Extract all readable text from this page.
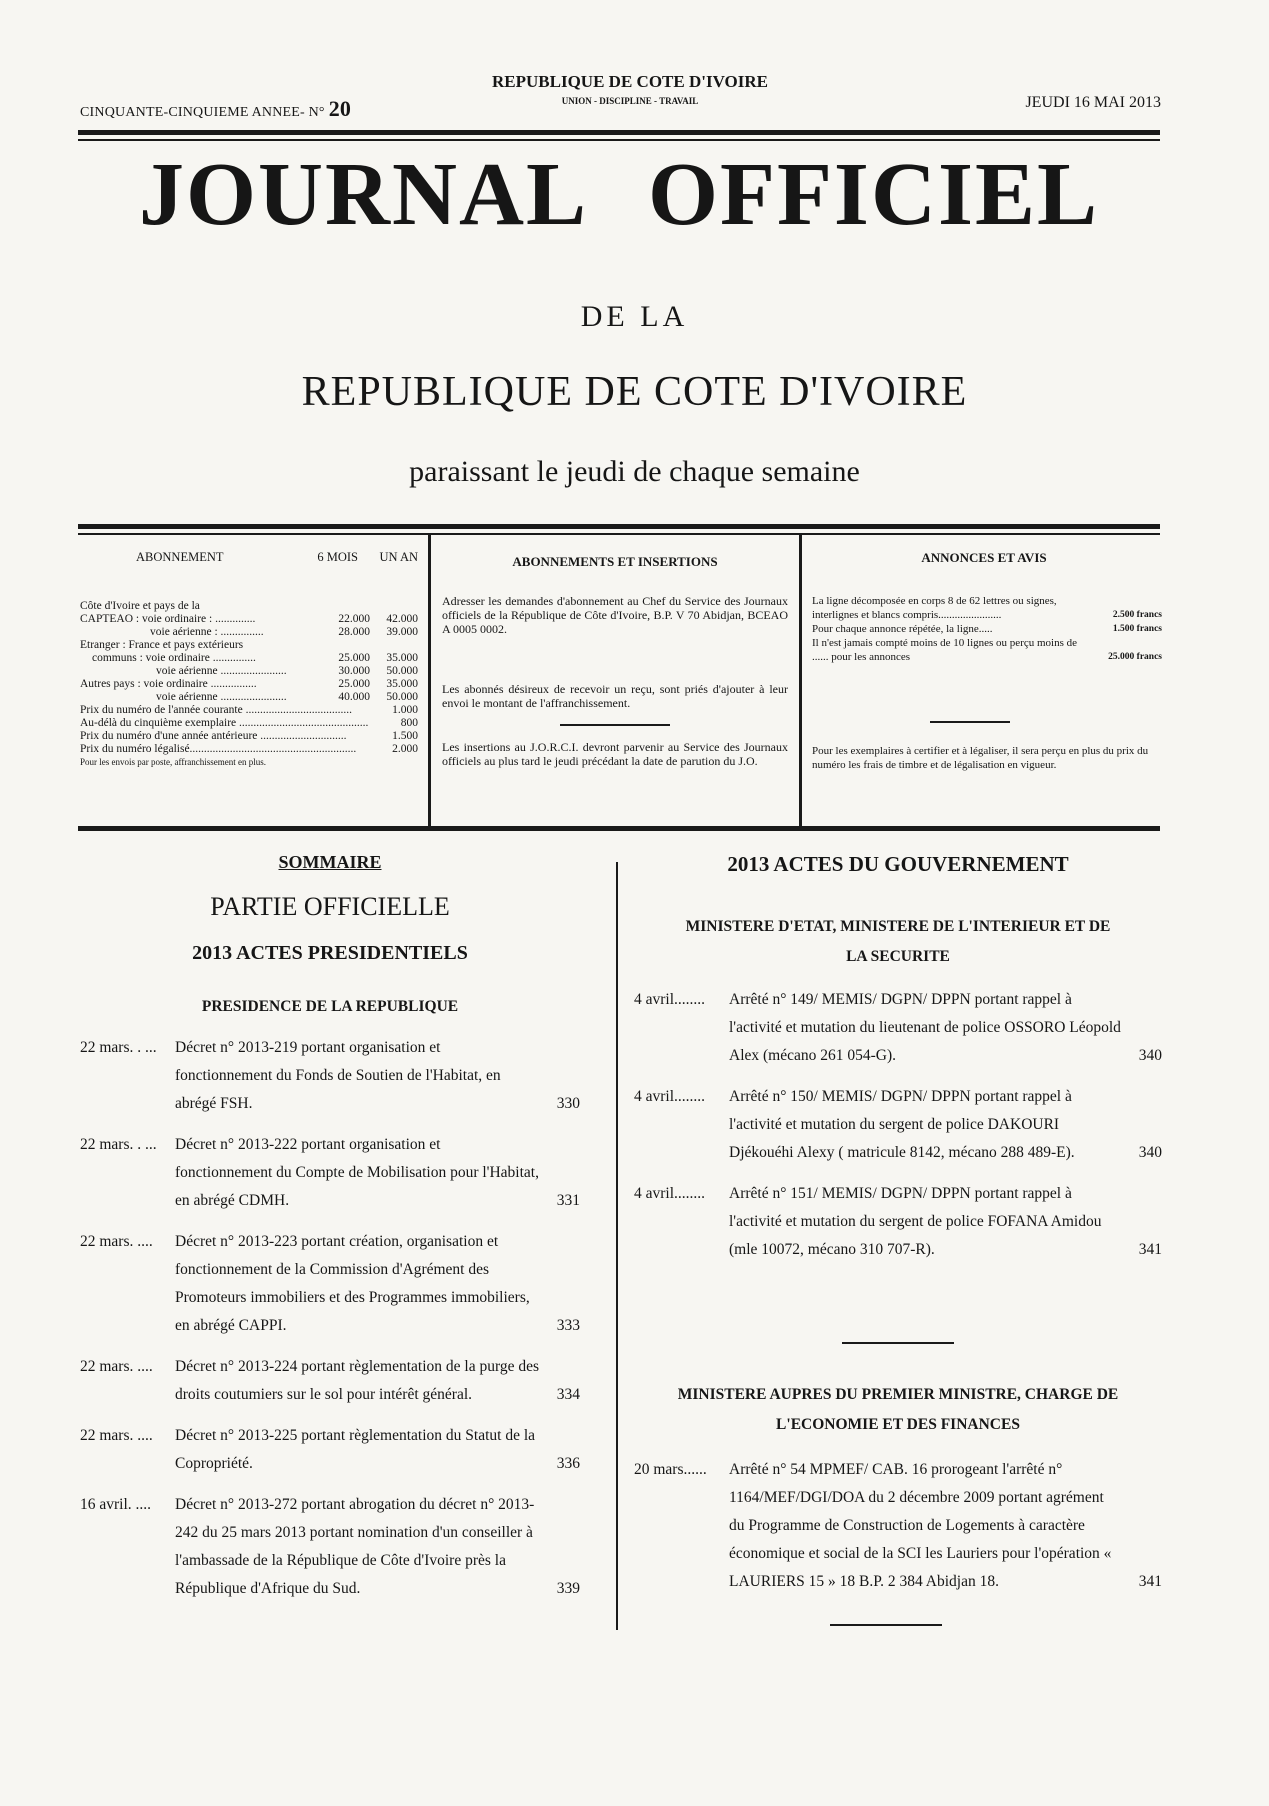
CINQUANTE-CINQUIEME ANNEE- N° 20
REPUBLIQUE DE COTE D'IVOIRE
UNION - DISCIPLINE - TRAVAIL	JEUDI 16 MAI 2013
JOURNAL OFFICIEL
DE LA
REPUBLIQUE DE COTE D'IVOIRE
paraissant le jeudi de chaque semaine
ABONNEMENT	6 MOIS	UN AN
Côte d'Ivoire et pays de la
CAPTEAO : voie ordinaire : ..............	22.000	42.000
voie aérienne : ...............	28.000	39.000
Etranger : France et pays extérieurs
communs : voie ordinaire ...............	25.000	35.000
voie aérienne .......................	30.000	50.000
Autres pays : voie ordinaire ................	25.000	35.000
voie aérienne .......................	40.000	50.000
Prix du numéro de l'année courante .....................................	1.000
Au-délà du cinquième exemplaire .............................................	800
Prix du numéro d'une année antérieure ..............................	1.500
Prix du numéro légalisé..........................................................	2.000
Pour les envois par poste, affranchissement en plus.
ABONNEMENTS ET INSERTIONS
Adresser les demandes d'abonnement au Chef du Service des Journaux officiels de la République de Côte d'Ivoire, B.P. V 70 Abidjan, BCEAO A 0005 0002.
Les abonnés désireux de recevoir un reçu, sont priés d'ajouter à leur envoi le montant de l'affranchissement.
Les insertions au J.O.R.C.I. devront parvenir au Service des Journaux officiels au plus tard le jeudi précédant la date de parution du J.O.
ANNONCES ET AVIS
La ligne décomposée en corps 8 de 62 lettres ou signes, interlignes et blancs compris.......................	2.500 francs
Pour chaque annonce répétée, la ligne.....	1.500 francs
Il n'est jamais compté moins de 10 lignes ou perçu moins de ...... pour les annonces	25.000 francs
Pour les exemplaires à certifier et à légaliser, il sera perçu en plus du prix du numéro les frais de timbre et de légalisation en vigueur.
SOMMAIRE
PARTIE OFFICIELLE
2013 ACTES PRESIDENTIELS
PRESIDENCE DE LA REPUBLIQUE
22 mars. . ...	Décret n° 2013-219 portant organisation et fonctionnement du Fonds de Soutien de l'Habitat, en abrégé FSH.	330
22 mars. . ...	Décret n° 2013-222 portant organisation et fonctionnement du Compte de Mobilisation pour l'Habitat, en abrégé CDMH.	331
22 mars. ....	Décret n° 2013-223 portant création, organisation et fonctionnement de la Commission d'Agrément des Promoteurs immobiliers et des Programmes immobiliers, en abrégé CAPPI.	333
22 mars. ....	Décret n° 2013-224 portant règlementation de la purge des droits coutumiers sur le sol pour intérêt général.	334
22 mars. ....	Décret n° 2013-225 portant règlementation du Statut de la Copropriété.	336
16 avril. ....	Décret n° 2013-272 portant abrogation du décret n° 2013-242 du 25 mars 2013 portant nomination d'un conseiller à l'ambassade de la République de Côte d'Ivoire près la République d'Afrique du Sud.	339
2013 ACTES DU GOUVERNEMENT
MINISTERE D'ETAT, MINISTERE DE L'INTERIEUR ET DE LA SECURITE
4 avril........	Arrêté n° 149/ MEMIS/ DGPN/ DPPN portant rappel à l'activité et mutation du lieutenant de police OSSORO Léopold Alex (mécano 261 054-G).	340
4 avril........	Arrêté n° 150/ MEMIS/ DGPN/ DPPN portant rappel à l'activité et mutation du sergent de police DAKOURI Djékouéhi Alexy ( matricule 8142, mécano 288 489-E).	340
4 avril........	Arrêté n° 151/ MEMIS/ DGPN/ DPPN portant rappel à l'activité et mutation du sergent de police FOFANA Amidou (mle 10072, mécano 310 707-R).	341
MINISTERE AUPRES DU PREMIER MINISTRE, CHARGE DE L'ECONOMIE ET DES FINANCES
20 mars......	Arrêté n° 54 MPMEF/ CAB. 16 prorogeant l'arrêté n° 1164/MEF/DGI/DOA du 2 décembre 2009 portant agrément du Programme de Construction de Logements à caractère économique et social de la SCI les Lauriers pour l'opération « LAURIERS 15 » 18 B.P. 2 384 Abidjan 18.	341
